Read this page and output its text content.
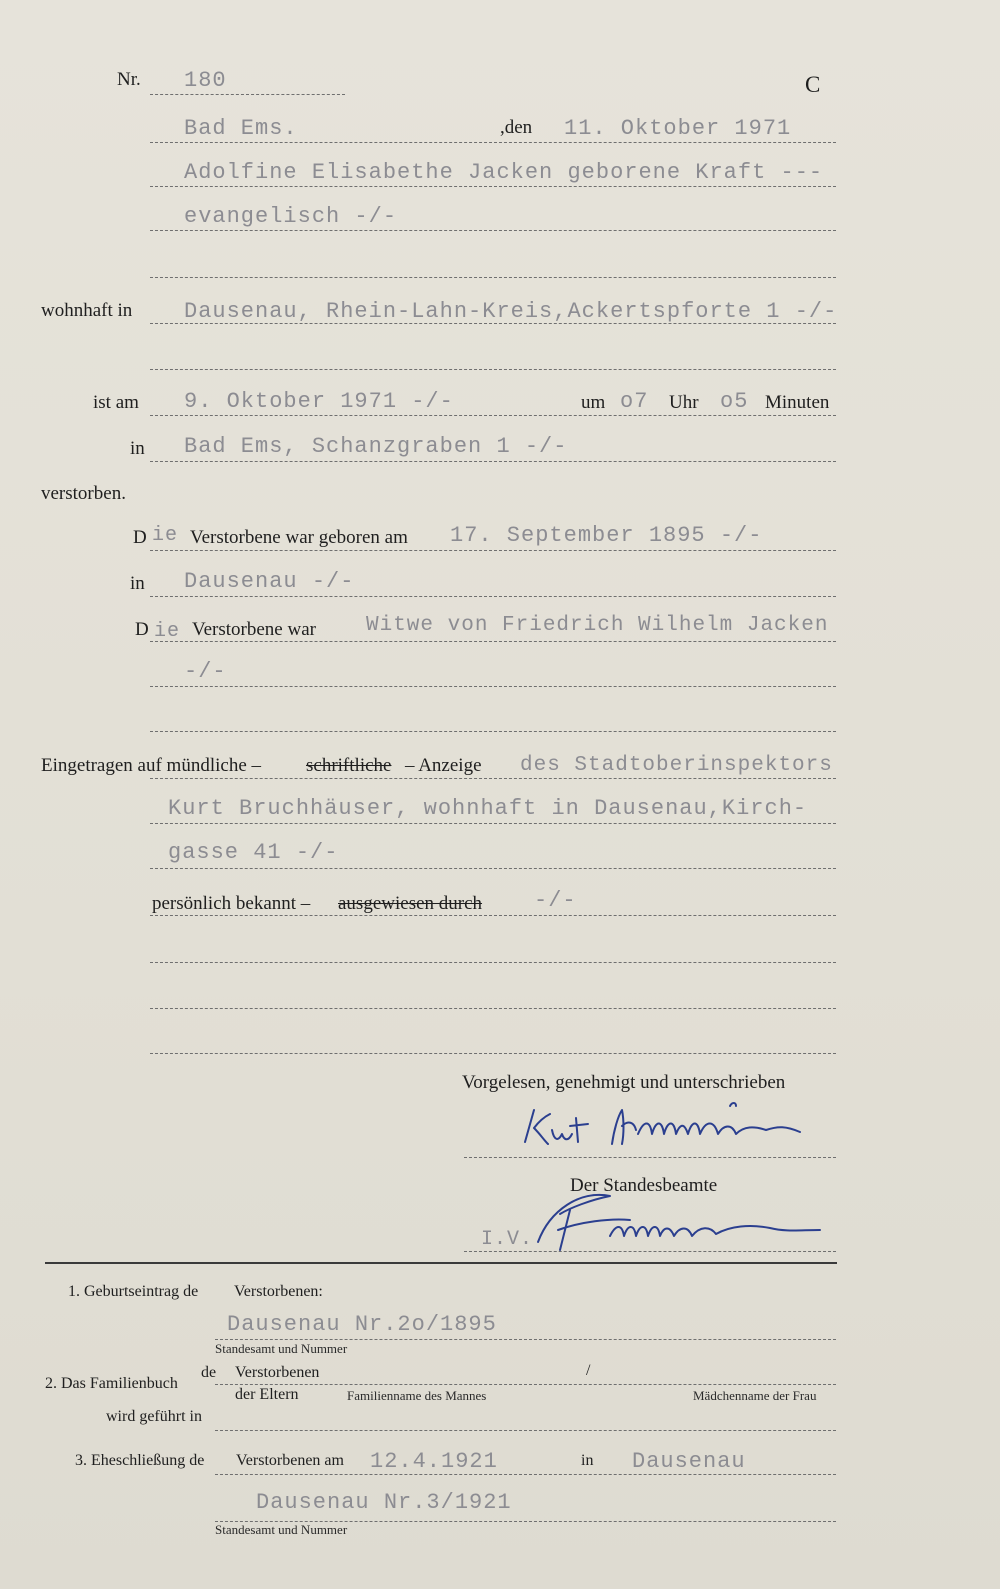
Nr. 180	C
Bad Ems.	,den 11. Oktober 1971
Adolfine Elisabethe Jacken geborene Kraft ---
evangelisch -/-
wohnhaft in Dausenau, Rhein-Lahn-Kreis,Ackertspforte 1 -/-
ist am 9. Oktober 1971 -/-	um o7 Uhr o5 Minuten
in Bad Ems, Schanzgraben 1 -/-
verstorben.
D ie Verstorbene war geboren am 17. September 1895 -/-
in Dausenau -/-
D ie Verstorbene war Witwe von Friedrich Wilhelm Jacken
-/-
Eingetragen auf mündliche – schriftliche – Anzeige des Stadtoberinspektors
Kurt Bruchhäuser, wohnhaft in Dausenau,Kirch-
gasse 41 -/-
persönlich bekannt – ausgewiesen durch -/-
Vorgelesen, genehmigt und unterschrieben
Der Standesbeamte
I.V.
1. Geburtseintrag de Verstorbenen:
Dausenau Nr.2o/1895
Standesamt und Nummer
2. Das Familienbuch
de Verstorbenen	/
der Eltern	Familienname des Mannes	Mädchenname der Frau
wird geführt in
3. Eheschließung de Verstorbenen am 12.4.1921	in Dausenau
Dausenau Nr.3/1921
Standesamt und Nummer
